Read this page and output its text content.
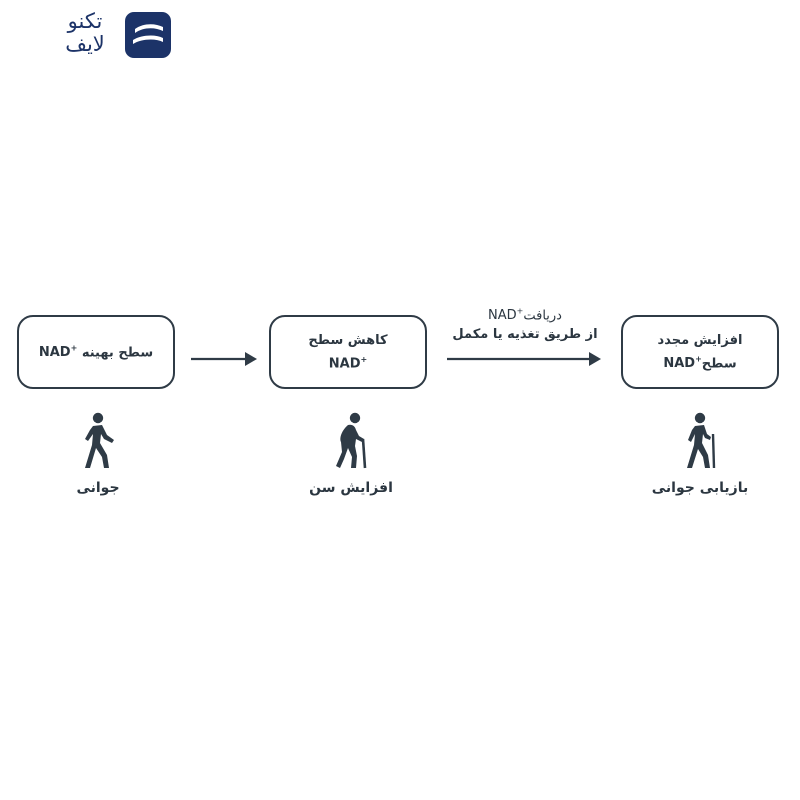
تکنو
لایف
سطح بهینه NAD+
کاهش سطح
NAD+
دریافتNAD+
از طریق تغذیه یا مکمل	افزایش مجدد
سطحNAD+
جوانی	افزایش سن	بازیابی جوانی
